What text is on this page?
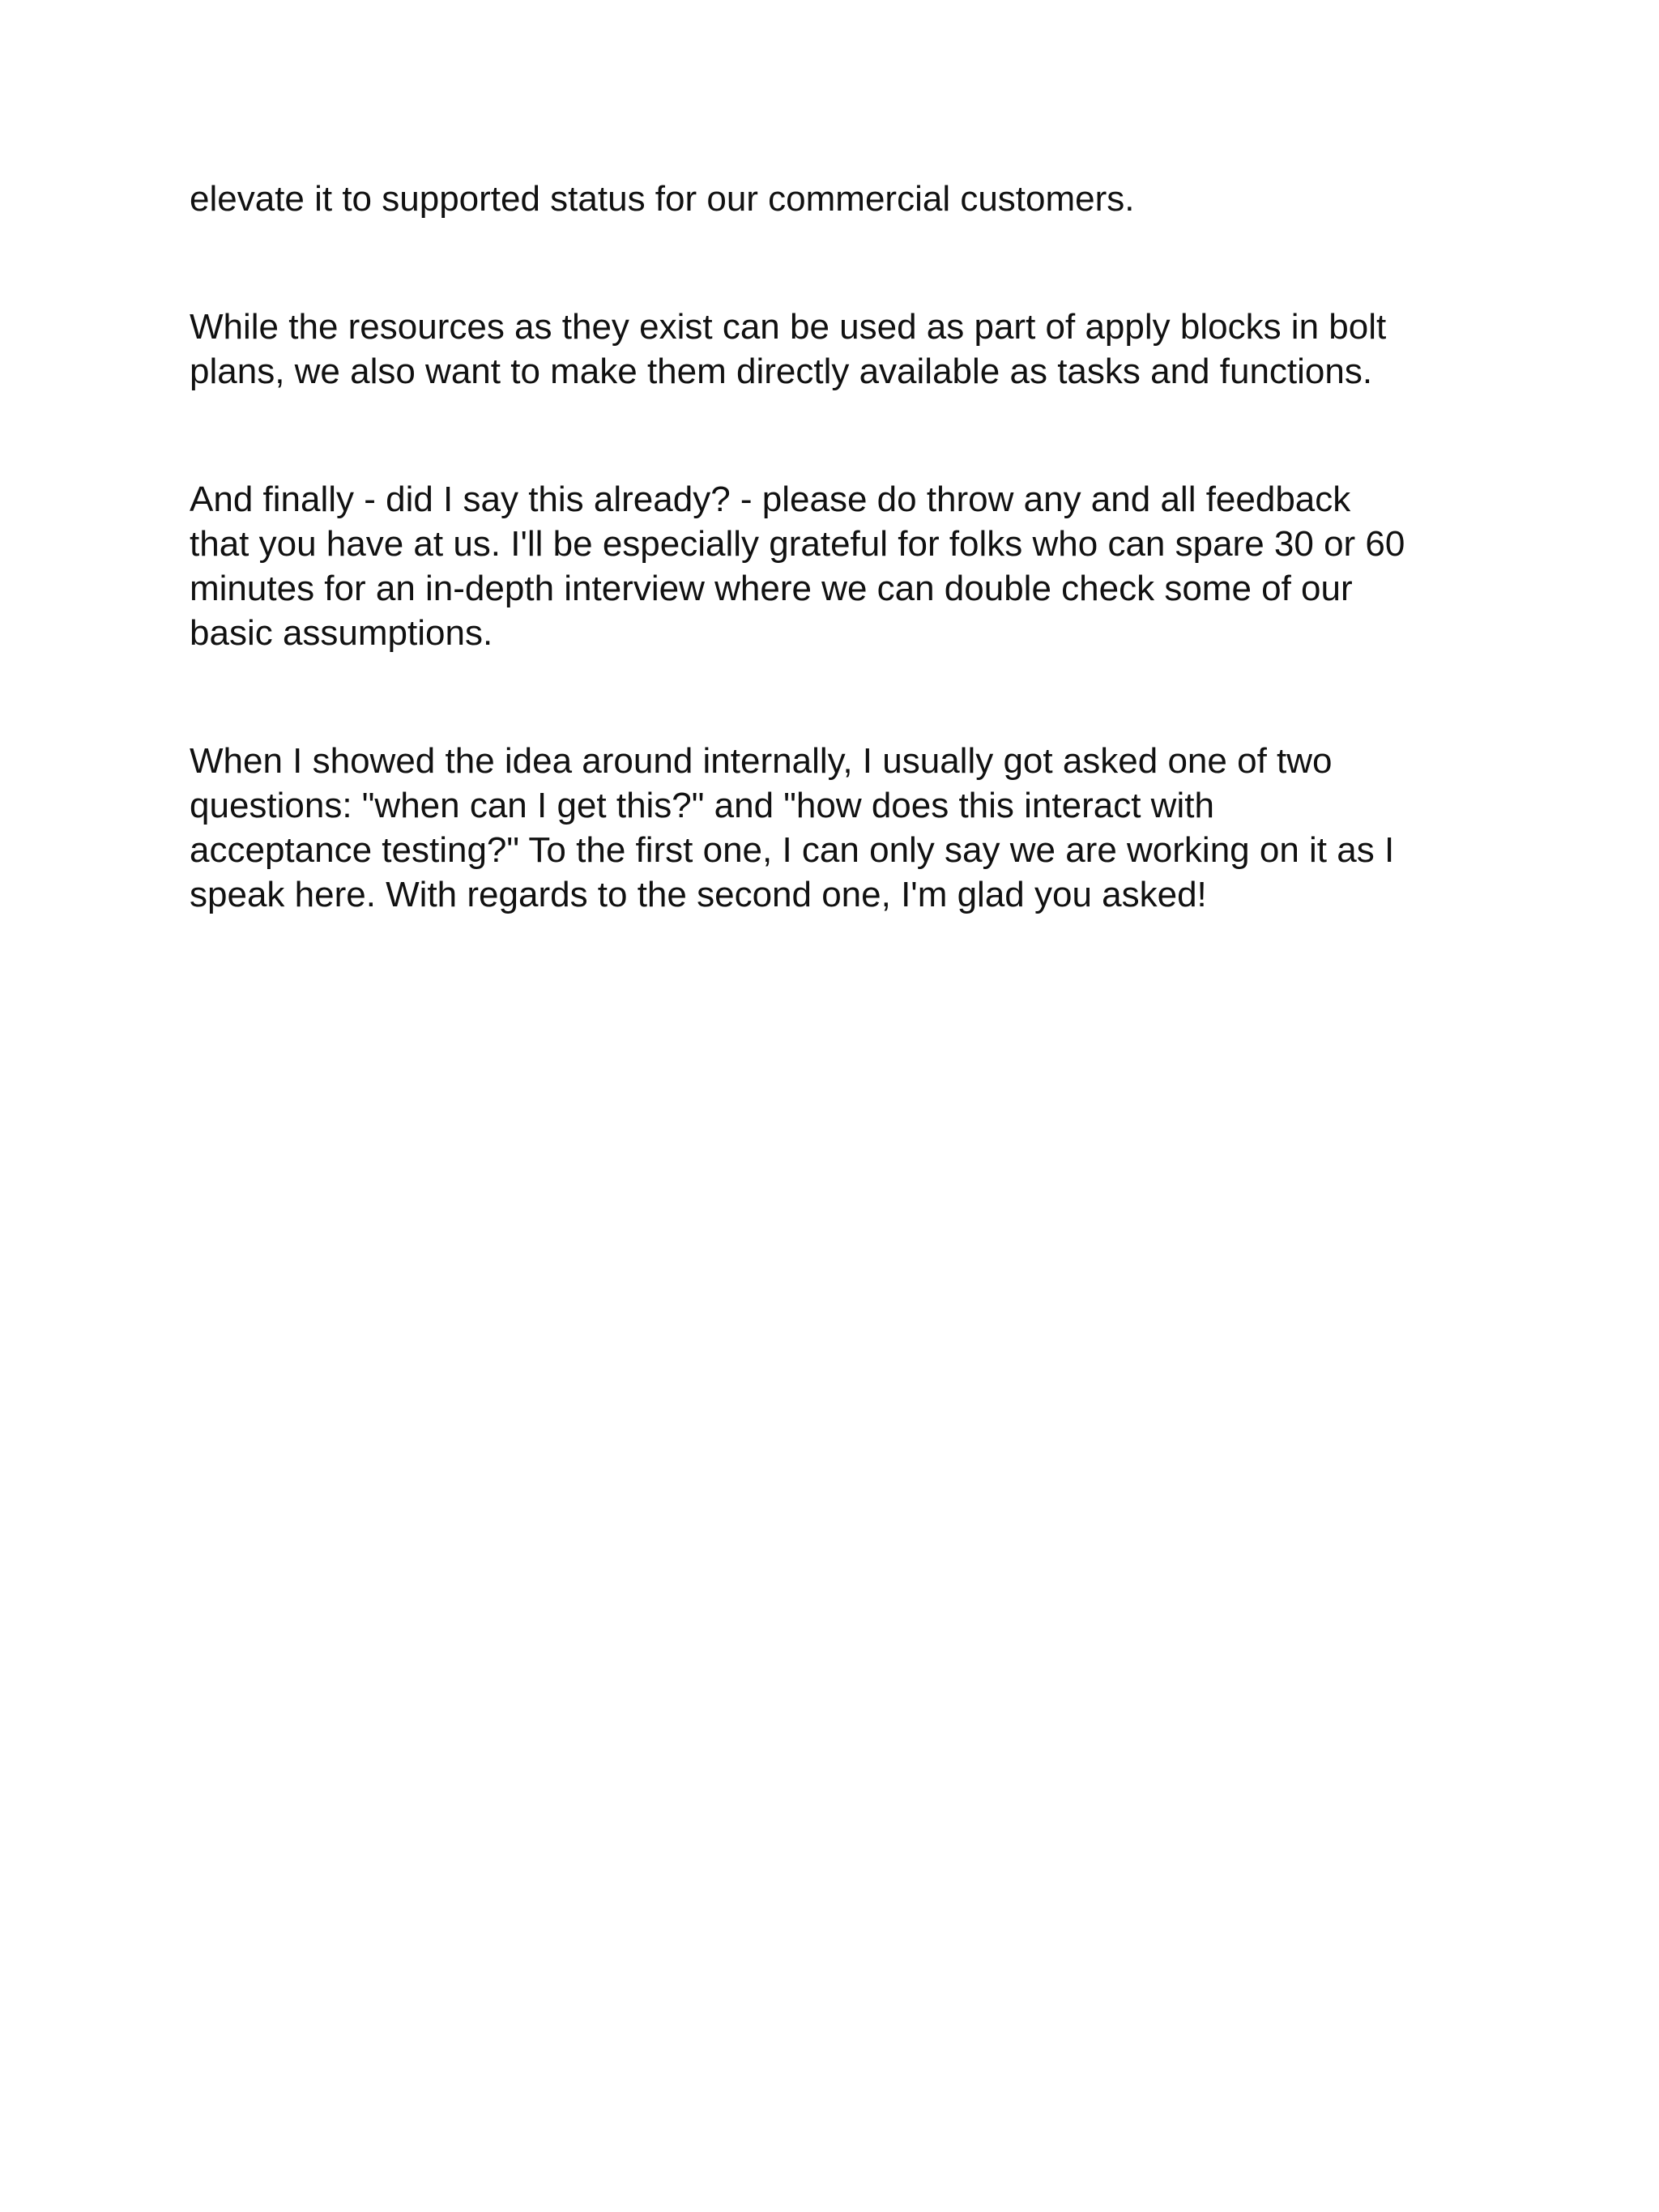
elevate it to supported status for our commercial customers.

While the resources as they exist can be used as part of apply blocks in bolt
plans, we also want to make them directly available as tasks and functions.

And finally - did I say this already? - please do throw any and all feedback
that you have at us. I'll be especially grateful for folks who can spare 30 or 60
minutes for an in-depth interview where we can double check some of our
basic assumptions.

When I showed the idea around internally, I usually got asked one of two
questions: "when can I get this?" and "how does this interact with
acceptance testing?" To the first one, I can only say we are working on it as I
speak here. With regards to the second one, I'm glad you asked!
